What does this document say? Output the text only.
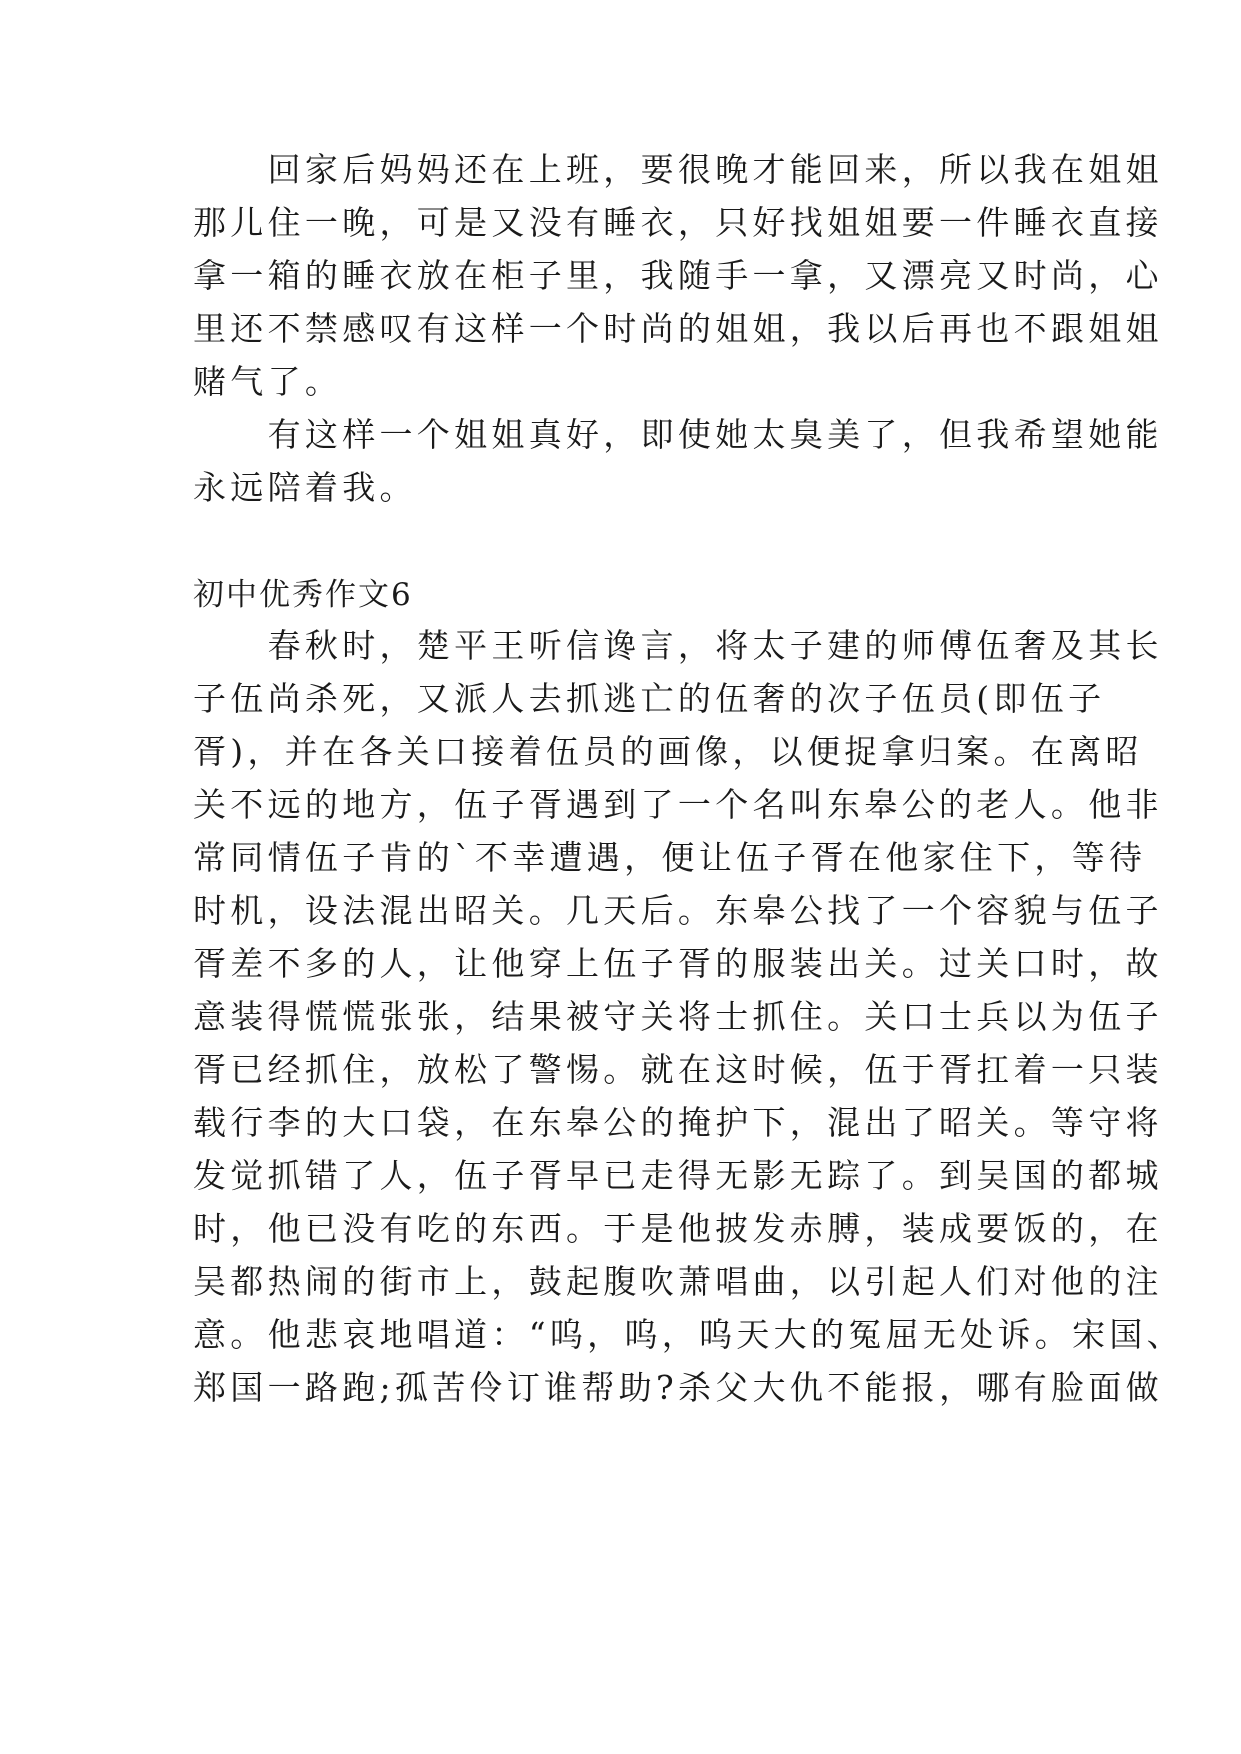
　　回家后妈妈还在上班，要很晚才能回来，所以我在姐姐
那儿住一晚，可是又没有睡衣，只好找姐姐要一件睡衣直接
拿一箱的睡衣放在柜子里，我随手一拿，又漂亮又时尚，心
里还不禁感叹有这样一个时尚的姐姐，我以后再也不跟姐姐
赌气了。
　　有这样一个姐姐真好，即使她太臭美了，但我希望她能
永远陪着我。
初中优秀作文6
　　春秋时，楚平王听信谗言，将太子建的师傅伍奢及其长
子伍尚杀死，又派人去抓逃亡的伍奢的次子伍员(即伍子
胥)，并在各关口接着伍员的画像，以便捉拿归案。在离昭
关不远的地方，伍子胥遇到了一个名叫东皋公的老人。他非
常同情伍子肯的`不幸遭遇，便让伍子胥在他家住下，等待
时机，设法混出昭关。几天后。东皋公找了一个容貌与伍子
胥差不多的人，让他穿上伍子胥的服装出关。过关口时，故
意装得慌慌张张，结果被守关将士抓住。关口士兵以为伍子
胥已经抓住，放松了警惕。就在这时候，伍于胥扛着一只装
载行李的大口袋，在东皋公的掩护下，混出了昭关。等守将
发觉抓错了人，伍子胥早已走得无影无踪了。到吴国的都城
时，他已没有吃的东西。于是他披发赤膊，装成要饭的，在
吴都热闹的街市上，鼓起腹吹萧唱曲，以引起人们对他的注
意。他悲哀地唱道：“呜，呜，呜天大的冤屈无处诉。宋国、
郑国一路跑;孤苦伶订谁帮助?杀父大仇不能报，哪有脸面做
